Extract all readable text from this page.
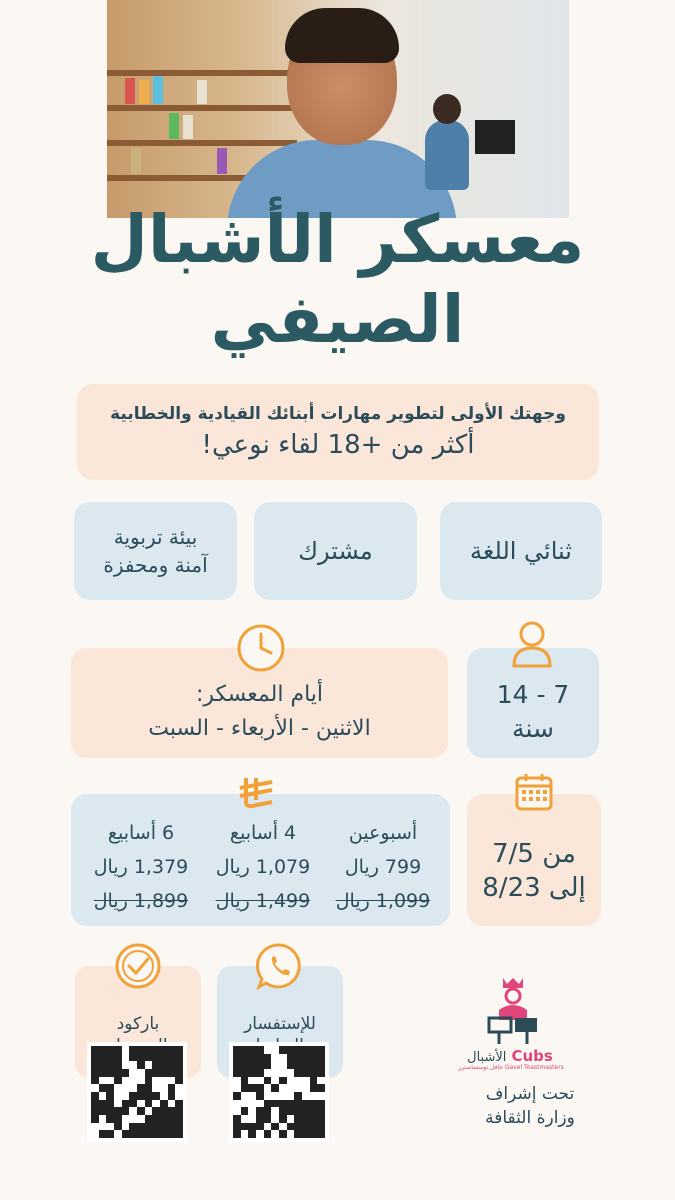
معسكر الأشبال
الصيفي
وجهتك الأولى لتطوير مهارات أبنائك القيادية والخطابية
أكثر من +18 لقاء نوعي!
ثنائي اللغة
مشترك
بيئة تربوية
آمنة ومحفزة
7 - 14
سنة
أيام المعسكر:
الاثنين - الأربعاء - السبت
من 7/5
إلى 8/23
أسبوعين
799 ريال
1,099 ريال
4 أسابيع
1,079 ريال
1,499 ريال
6 أسابيع
1,379 ريال
1,899 ريال
للإستفسار
باركود
Cubs الأشبال
Gavel Toastmasters جافل توستماسترز
تحت إشراف
وزارة الثقافة
